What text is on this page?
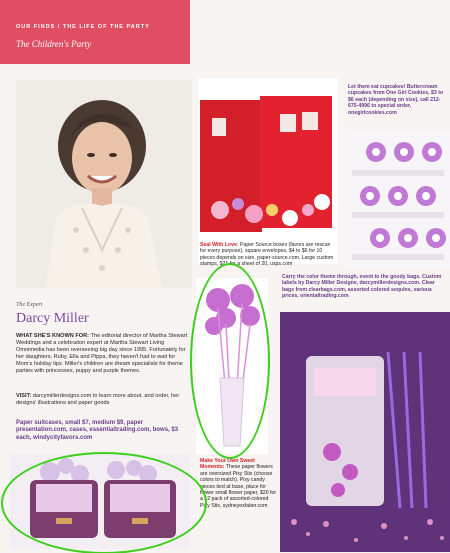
OUR FINDS / THE LIFE OF THE PARTY
The Children's Party
The Expert
Darcy Miller
WHAT SHE'S KNOWN FOR: The editorial director of Martha Stewart Weddings and a celebration expert at Martha Stewart Living Omnimedia has been overseeing big day since 1995. Fortunately for her daughters, Ruby, Ella and Pippa, they haven't had to wait for Mom's holiday tips. Miller's children are dream specialists for theme parties with princesses, puppy and purple themes.
VISIT: darcymillerdesigns.com to learn more about, and order, her designs' illustrations and paper goods
Paper suitcases, small $7, medium $9, paper presentation.com, cases, essentialtrading.com, bows, $3 each, windycityfavors.com
Seal With Love: Paper Source boxes (favors are rescue for every purpose), square envelopes, $4 to $6 for 10 pieces depends on size, paper-source.com. Large custom stamps, $21 for a sheet of 20, usps.com
Let them eat cupcakes! Buttercream cupcakes from One Girl Cookies, $3 to $6 each (depending on size), call 212-675-4996 to special order, onegirlcookies.com
Carry the color theme through, event to the goody bags. Custom labels by Darcy Miller Designs, darcymillerdesigns.com. Clear bags from clearbags.com, assorted colored sequins, various prices, orientaltrading.com
Make Your Own Sweet Moments: These paper flowers are oversized Pixy Stix (choose colors to match). Pixy candy pieces tied at base, place for flower small flower paper, $20 for a 12 pack of assorted-colored Pixy Stix, sydneyexfaber.com
